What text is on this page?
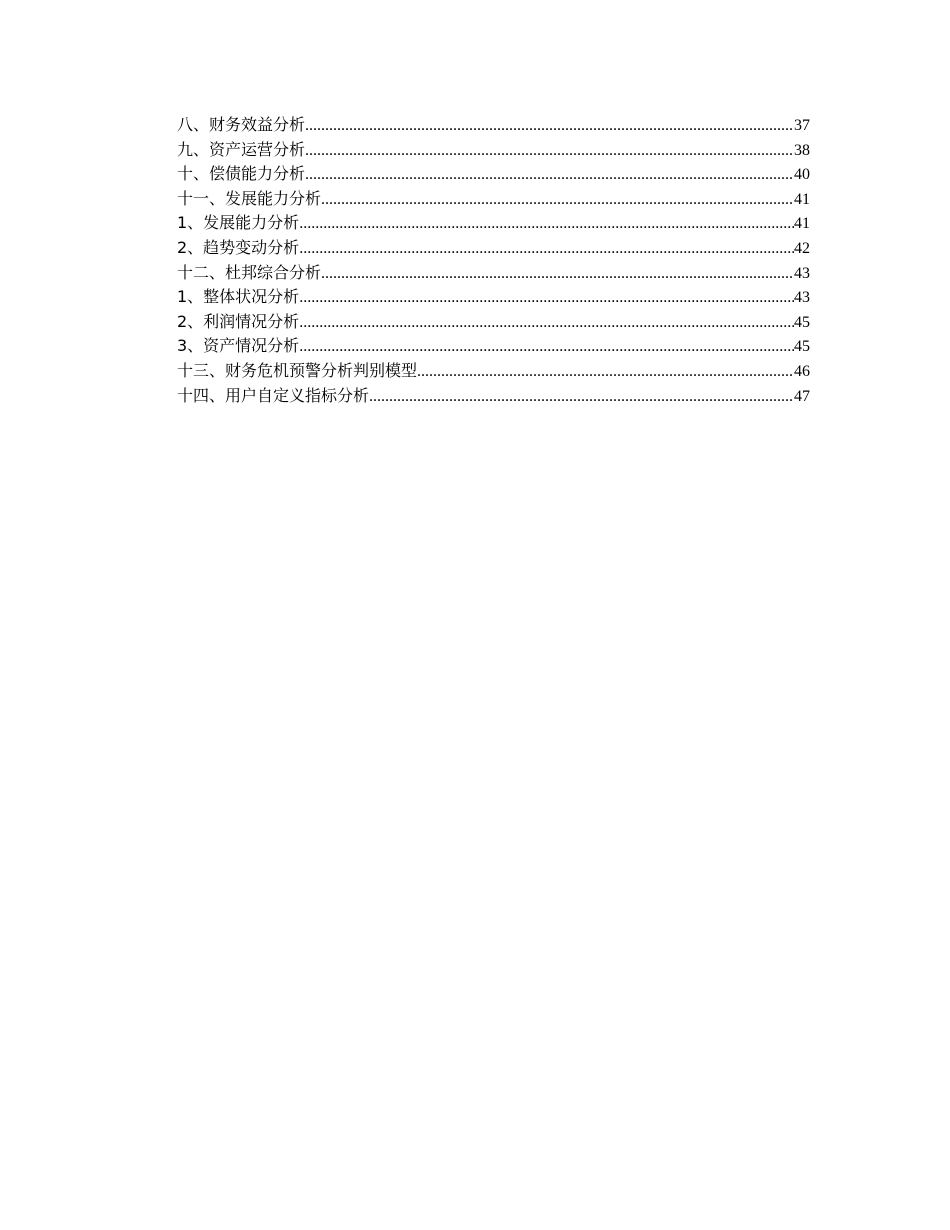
八、财务效益分析 .....	37
九、资产运营分析 .....	38
十、偿债能力分析 .....	40
十一、发展能力分析 .....	41
1、发展能力分析 .....	41
2、趋势变动分析 .....	42
十二、杜邦综合分析 .....	43
1、整体状况分析 .....	43
2、利润情况分析 .....	45
3、资产情况分析 .....	45
十三、财务危机预警分析判别模型 .....	46
十四、用户自定义指标分析 .....	47
